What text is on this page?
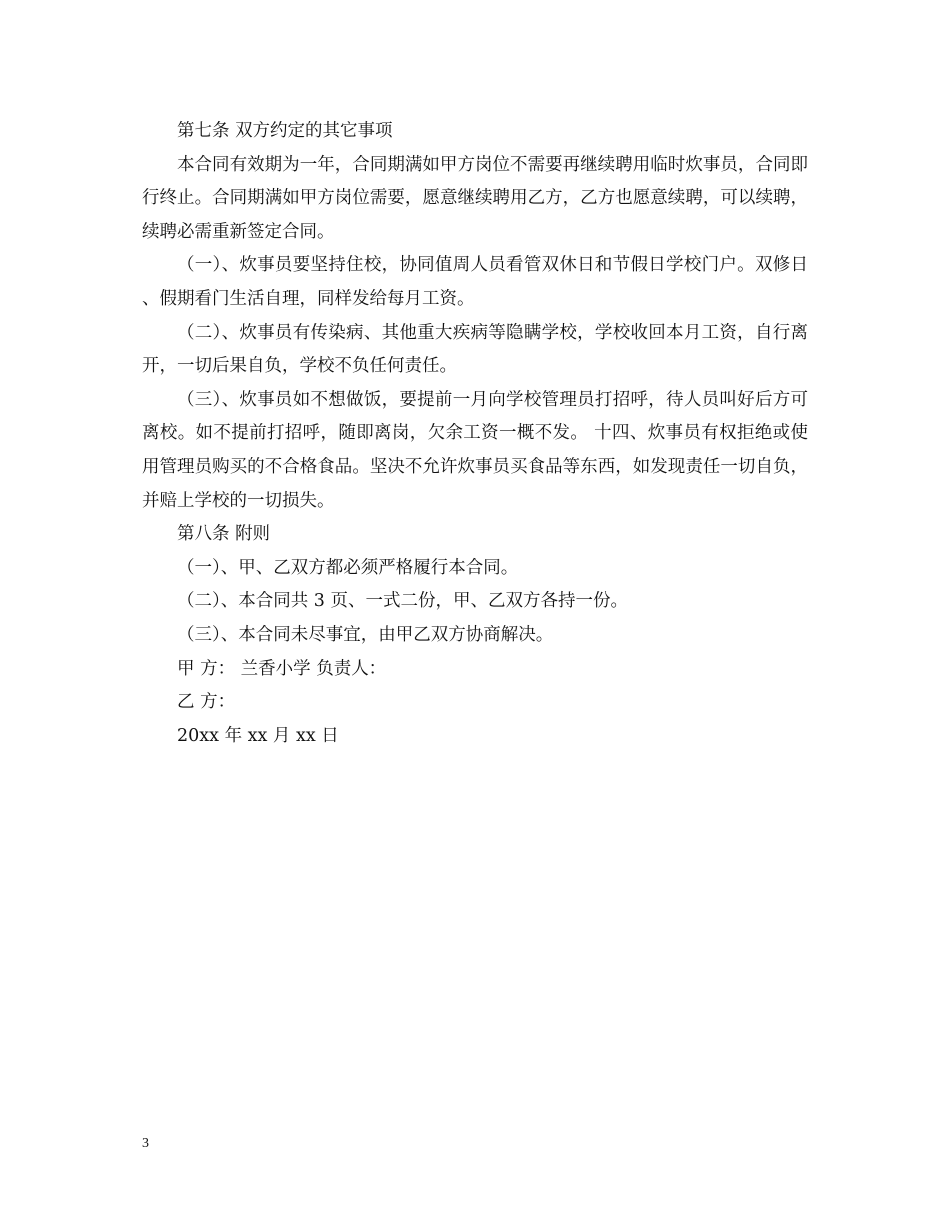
第七条 双方约定的其它事项

本合同有效期为一年，合同期满如甲方岗位不需要再继续聘用临时炊事员，合同即行终止。合同期满如甲方岗位需要，愿意继续聘用乙方，乙方也愿意续聘，可以续聘，续聘必需重新签定合同。

（一）、炊事员要坚持住校，协同值周人员看管双休日和节假日学校门户。双修日 、假期看门生活自理，同样发给每月工资。

（二）、炊事员有传染病、其他重大疾病等隐瞒学校，学校收回本月工资，自行离开，一切后果自负，学校不负任何责任。

（三）、炊事员如不想做饭，要提前一月向学校管理员打招呼，待人员叫好后方可离校。如不提前打招呼，随即离岗，欠余工资一概不发。 十四、炊事员有权拒绝或使用管理员购买的不合格食品。坚决不允许炊事员买食品等东西，如发现责任一切自负，并赔上学校的一切损失。

第八条 附则

（一）、甲、乙双方都必须严格履行本合同。

（二）、本合同共 3 页、一式二份，甲、乙双方各持一份。

（三）、本合同未尽事宜，由甲乙双方协商解决。

甲 方： 兰香小学 负责人：

乙 方：

20xx 年 xx 月 xx 日

3
